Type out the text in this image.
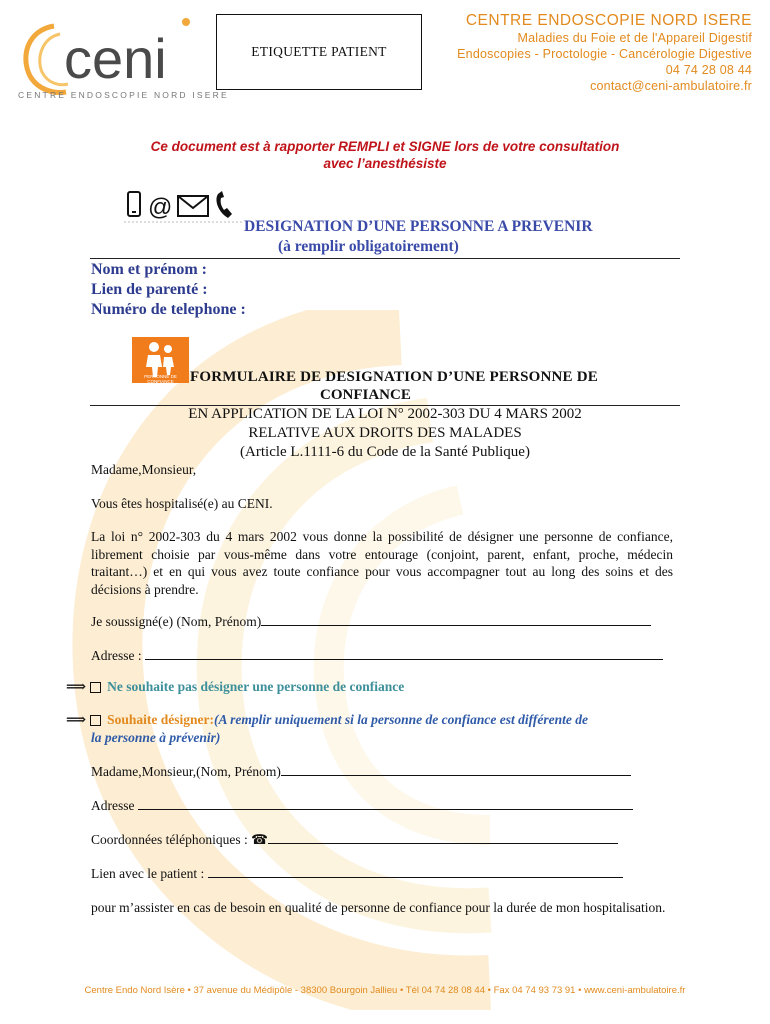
ceni
CENTRE ENDOSCOPIE NORD ISERE
ETIQUETTE PATIENT
CENTRE ENDOSCOPIE NORD ISERE
Maladies du Foie et de l'Appareil Digestif
Endoscopies - Proctologie - Cancérologie Digestive
04 74 28 08 44
contact@ceni-ambulatoire.fr
Ce document est à rapporter REMPLI et SIGNE lors de votre consultation
avec l’anesthésiste
@
DESIGNATION D’UNE PERSONNE A PREVENIR
(à remplir obligatoirement)
Nom et prénom :
Lien de parenté :
Numéro de telephone :
PERSONNE DE CONFIANCE	FORMULAIRE DE DESIGNATION D’UNE PERSONNE DE
CONFIANCE
EN APPLICATION DE LA LOI N° 2002-303 DU 4 MARS 2002
RELATIVE AUX DROITS DES MALADES
(Article L.1111-6 du Code de la Santé Publique)
Madame,Monsieur,
Vous êtes hospitalisé(e) au CENI.
La loi n° 2002-303 du 4 mars 2002 vous donne la possibilité de désigner une personne de confiance, librement choisie par vous-même dans votre entourage (conjoint, parent, enfant, proche, médecin traitant…) et en qui vous avez toute confiance pour vous accompagner tout au long des soins et des décisions à prendre.
Je soussigné(e) (Nom, Prénom)
Adresse :
⟹ Ne souhaite pas désigner une personne de confiance
⟹ Souhaite désigner:(A remplir uniquement si la personne de confiance est différente de
la personne à prévenir)
Madame,Monsieur,(Nom, Prénom)
Adresse
Coordonnées téléphoniques : ☎
Lien avec le patient :
pour m’assister en cas de besoin en qualité de personne de confiance pour la durée de mon hospitalisation.
Centre Endo Nord Isère • 37 avenue du Médipôle - 38300 Bourgoin Jallieu • Tél 04 74 28 08 44 • Fax 04 74 93 73 91 • www.ceni-ambulatoire.fr
